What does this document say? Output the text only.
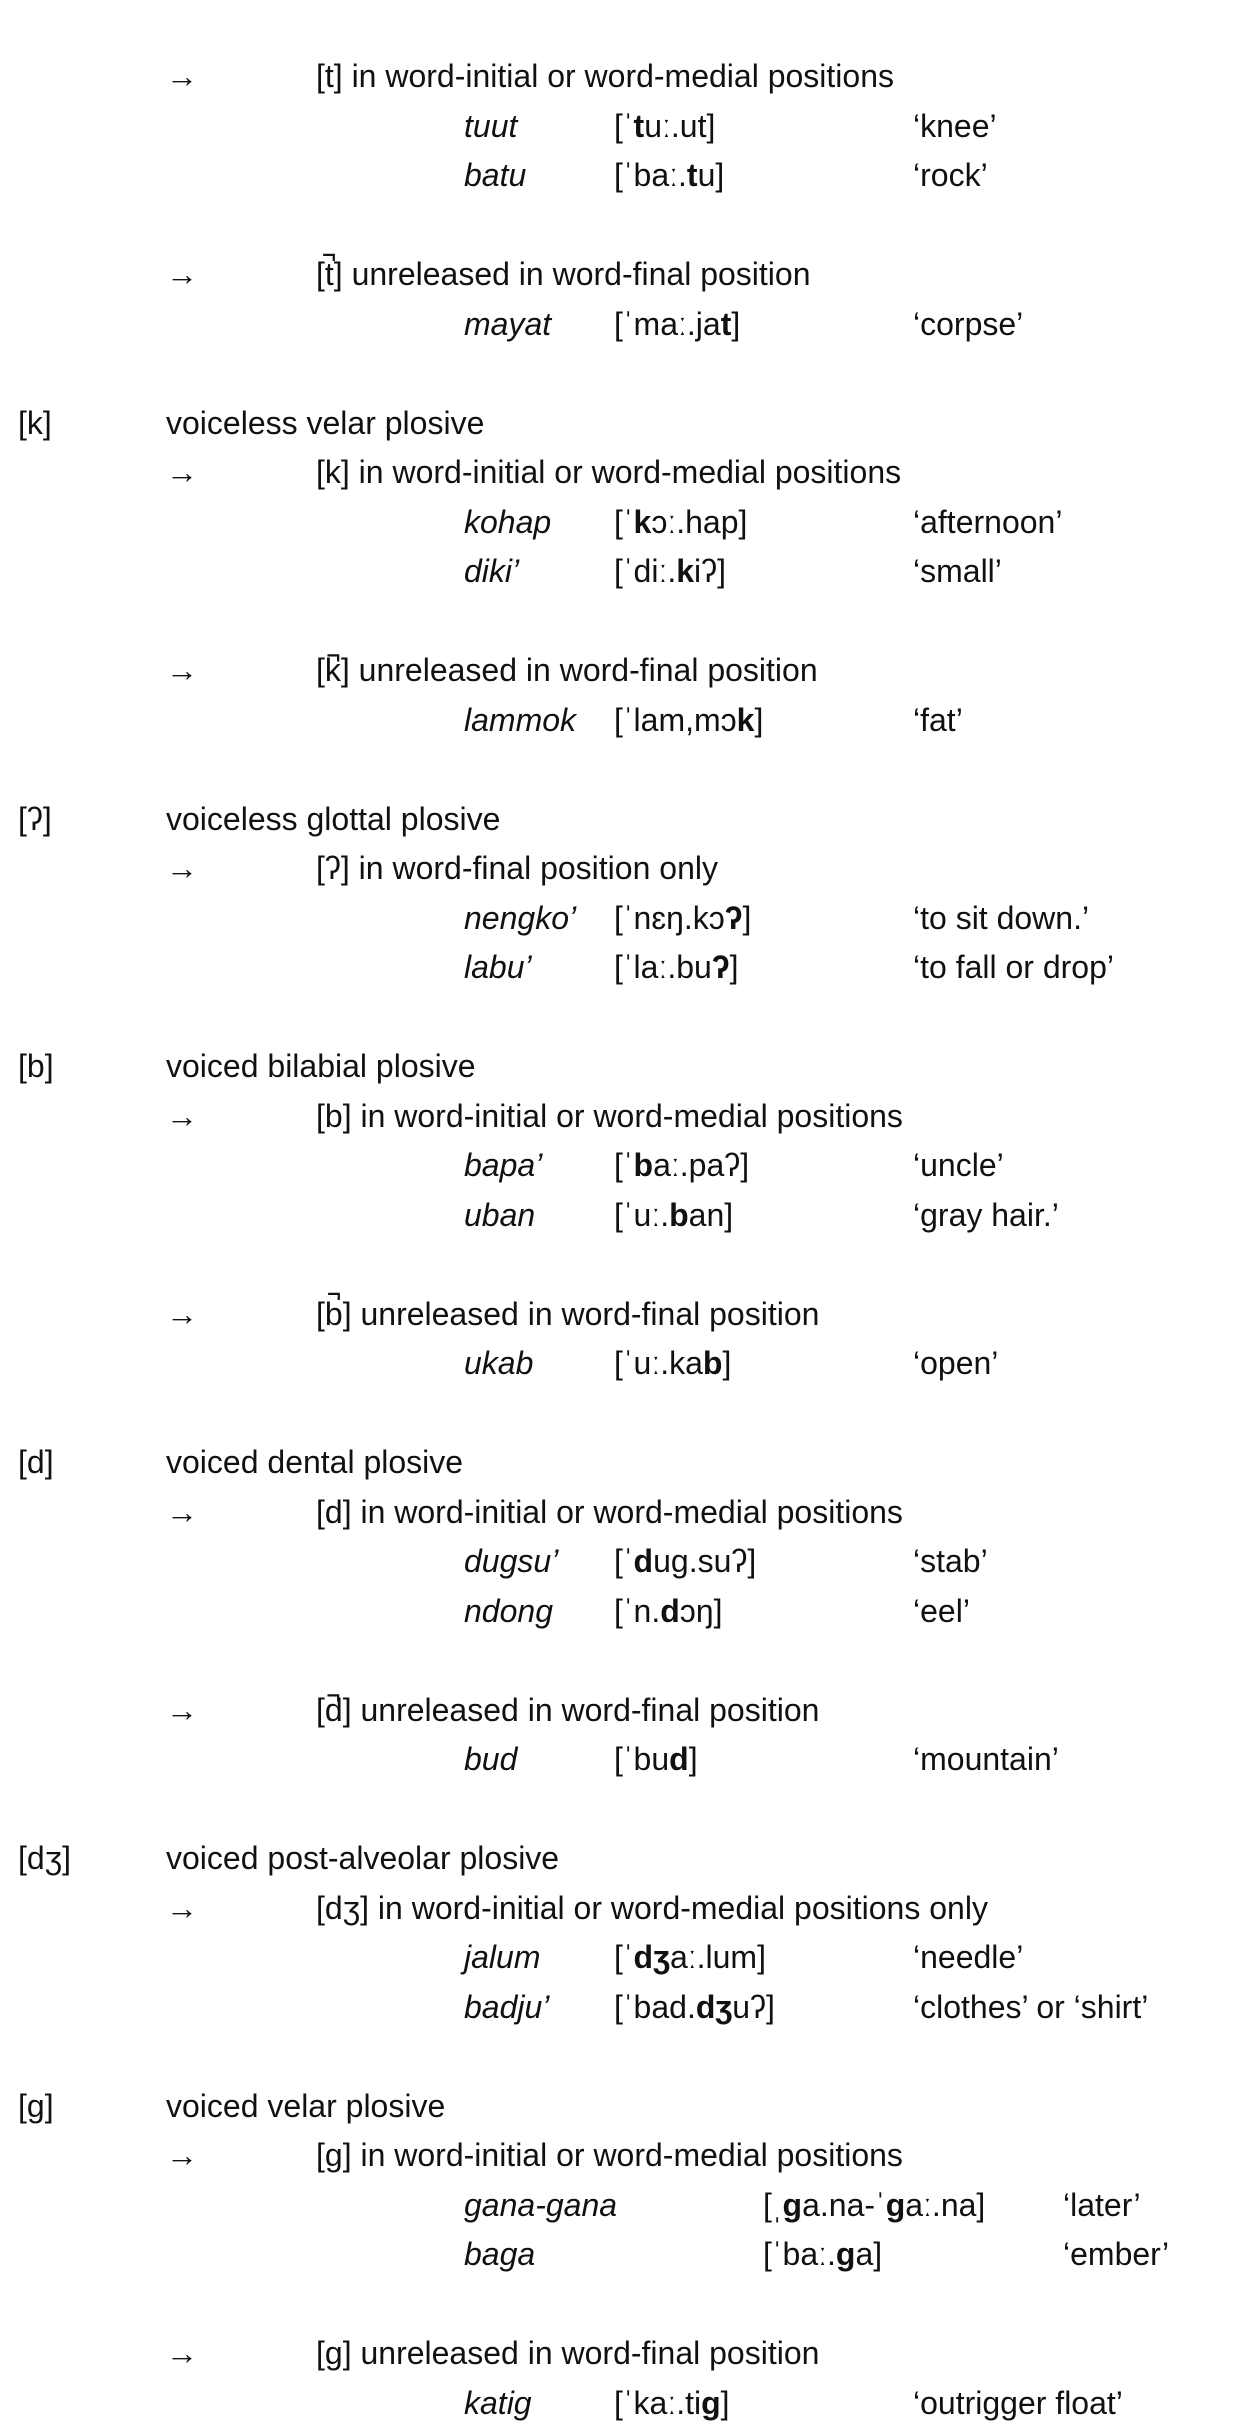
→	[t] in word-initial or word-medial positions
tuut	[ˈtuː.ut]	‘knee’
batu	[ˈbaː.tu]	‘rock’
→	[t̚] unreleased in word-final position
mayat [ˈmaː.jat]	‘corpse’
[k]	voiceless velar plosive
→	[k] in word-initial or word-medial positions
kohap [ˈkɔː.hap]	‘afternoon’
diki’	[ˈdiː.kiʔ]	‘small’
→	[k̚] unreleased in word-final position
lammok [ˈlam,mɔk]	‘fat’
[ʔ]	voiceless glottal plosive
→	[ʔ] in word-final position only
nengko’ [ˈnɛŋ.kɔʔ]	‘to sit down.’
labu’	[ˈlaː.buʔ]	‘to fall or drop’
[b]	voiced bilabial plosive
→	[b] in word-initial or word-medial positions
bapa’ [ˈbaː.paʔ]	‘uncle’
uban [ˈuː.ban]	‘gray hair.’
→	[b̚] unreleased in word-final position
ukab	[ˈuː.kab]	‘open’
[d]	voiced dental plosive
→	[d] in word-initial or word-medial positions
dugsu’ [ˈdug.suʔ]	‘stab’
ndong [ˈn.dɔŋ]	‘eel’
→	[d̚] unreleased in word-final position
bud	[ˈbud]	‘mountain’
[dʒ]	voiced post-alveolar plosive
→	[dʒ] in word-initial or word-medial positions only
jalum [ˈdʒaː.lum]	‘needle’
badju’ [ˈbad.dʒuʔ]	‘clothes’ or ‘shirt’
[g]	voiced velar plosive
→	[g] in word-initial or word-medial positions
gana-gana	[ˌga.na-ˈgaː.na] ‘later’
baga	[ˈbaː.ga]	‘ember’
→	[g] unreleased in word-final position
katig	[ˈkaː.tig]	‘outrigger float’
